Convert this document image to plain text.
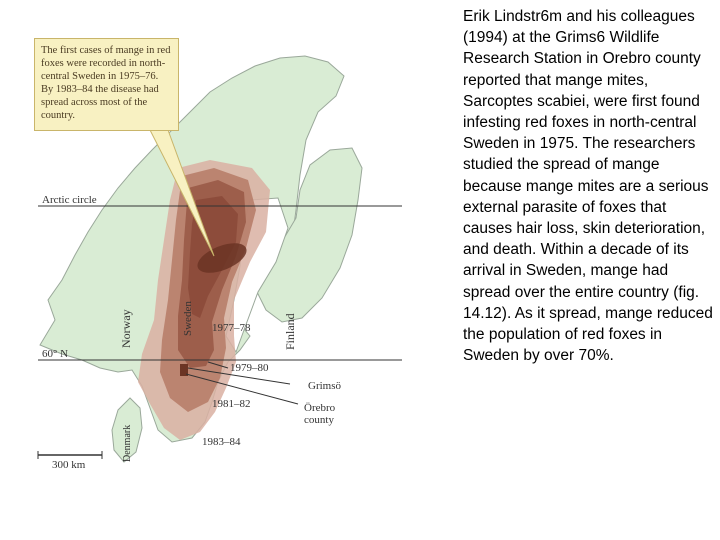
The first cases of mange in red foxes were recorded in north-central Sweden in 1975–76. By 1983–84 the disease had spread across most of the country.
Arctic circle
60° N
Norway	Sweden	Finland
Denmark
1977–78
1979–80
1981–82
1983–84
Grimsö
Örebro
county
300 km
Erik Lindstr6m and his colleagues (1994) at the Grims6 Wildlife Research Station in Orebro county reported that mange mites, Sarcoptes scabiei, were first found infesting red foxes in north-central Sweden in 1975. The researchers studied the spread of mange because mange mites are a serious external parasite of foxes that causes hair loss, skin deterioration, and death. Within a decade of its arrival in Sweden, mange had spread over the entire country (fig. 14.12). As it spread, mange reduced the population of red foxes in Sweden by over 70%.
